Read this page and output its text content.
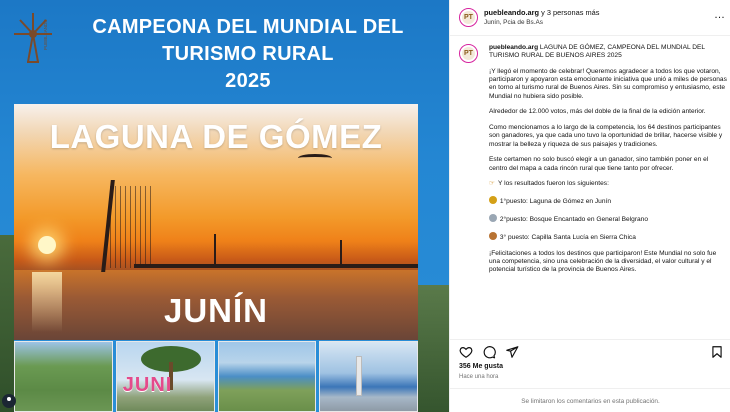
PUEBLEANDO	CAMPEONA DEL MUNDIAL DEL
TURISMO RURAL
2025
LAGUNA DE GÓMEZ
JUNÍN
JUNI
PT
puebleando.arg y 3 personas más
Junín, Pcia de Bs.As
…
PT

puebleando.arg LAGUNA DE GÓMEZ, CAMPEONA DEL MUNDIAL DEL TURISMO RURAL DE BUENOS AIRES 2025

¡Y llegó el momento de celebrar! Queremos agradecer a todos los que votaron, participaron y apoyaron esta emocionante iniciativa que unió a miles de personas en torno al turismo rural de Buenos Aires. Sin su compromiso y entusiasmo, este Mundial no hubiera sido posible.

Alrededor de 12.000 votos, más del doble de la final de la edición anterior.

Como mencionamos a lo largo de la competencia, los 64 destinos participantes son ganadores, ya que cada uno tuvo la oportunidad de brillar, hacerse visible y mostrar la belleza y riqueza de sus paisajes y tradiciones.

Este certamen no solo buscó elegir a un ganador, sino también poner en el centro del mapa a cada rincón rural que tiene tanto por ofrecer.

☞ Y los resultados fueron los siguientes:

1°puesto: Laguna de Gómez en Junín

2°puesto: Bosque Encantado en General Belgrano

3° puesto: Capilla Santa Lucía en Sierra Chica

¡Felicitaciones a todos los destinos que participaron! Este Mundial no solo fue una competencia, sino una celebración de la diversidad, el valor cultural y el potencial turístico de la provincia de Buenos Aires.

356 Me gusta
Hace una hora
Se limitaron los comentarios en esta publicación.
